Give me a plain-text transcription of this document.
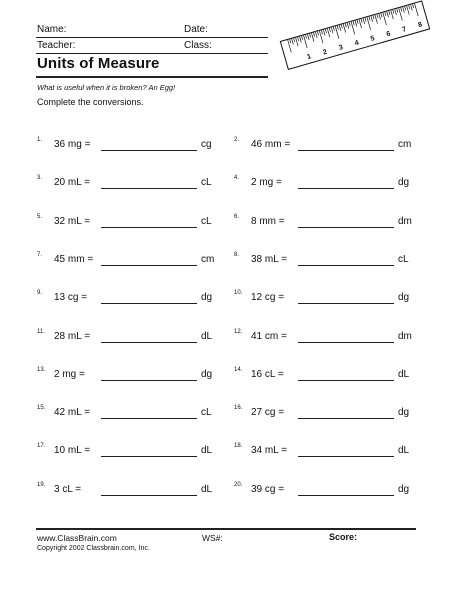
Name:	Date:
Teacher:	Class:
Units of Measure
What is useful when it is broken? An Egg!
Complete the conversions.
1
2
3
4
5
6
7
8
1. 36 mg =	cg	2. 46 mm =	cm
3. 20 mL =	cL	4. 2 mg =	dg
5. 32 mL =	cL	6. 8 mm =	dm
7. 45 mm =	cm	8. 38 mL =	cL
9. 13 cg =	dg	10. 12 cg =	dg
11. 28 mL =	dL	12. 41 cm =	dm
13. 2 mg =	dg	14. 16 cL =	dL
15. 42 mL =	cL	16. 27 cg =	dg
17. 10 mL =	dL	18. 34 mL =	dL
19. 3 cL =	dL	20. 39 cg =	dg
www.ClassBrain.com	WS#:	Score:
Copyright 2002 Classbrain.com, Inc.
